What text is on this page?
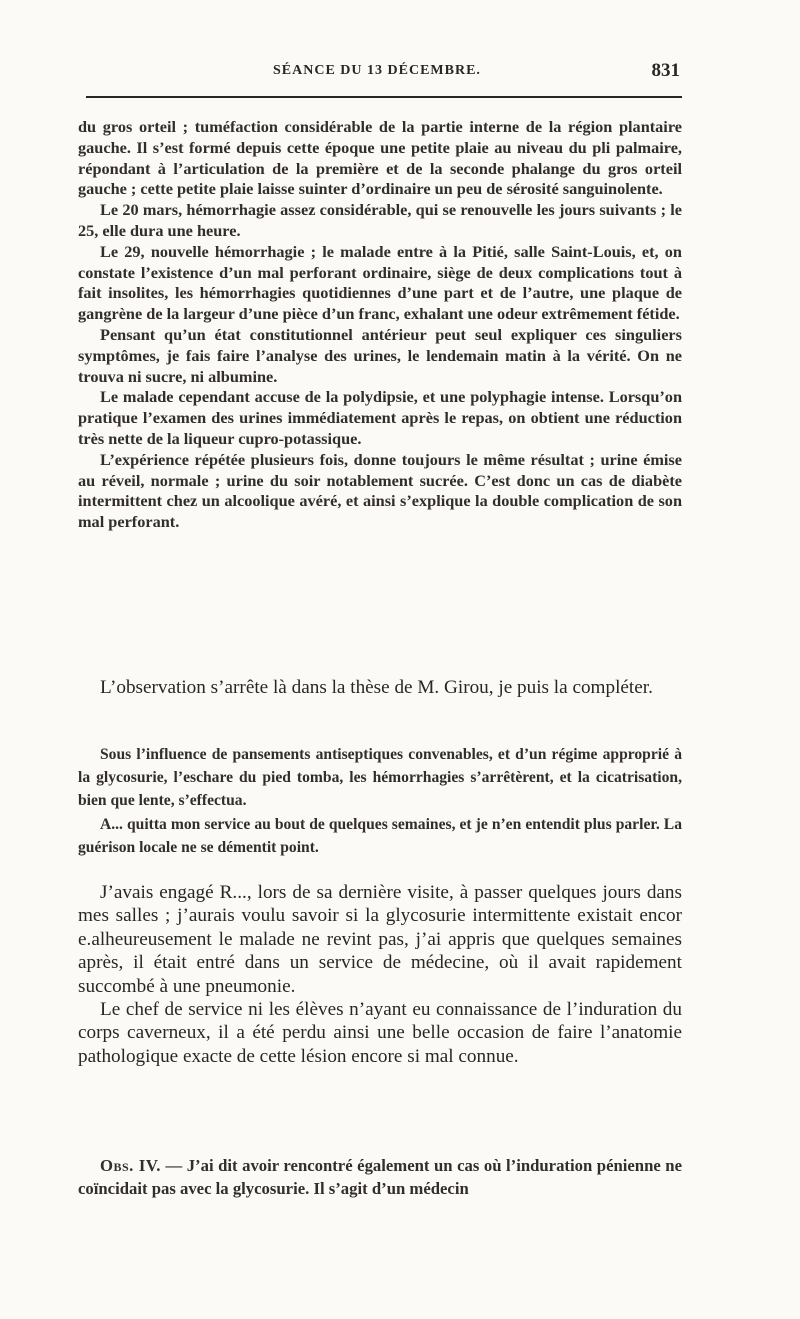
SÉANCE DU 13 DÉCEMBRE.	831

du gros orteil ; tuméfaction considérable de la partie interne de la région plantaire gauche. Il s’est formé depuis cette époque une petite plaie au niveau du pli palmaire, répondant à l’articulation de la première et de la seconde phalange du gros orteil gauche ; cette petite plaie laisse suinter d’ordinaire un peu de sérosité sanguinolente.

Le 20 mars, hémorrhagie assez considérable, qui se renouvelle les jours suivants ; le 25, elle dura une heure.

Le 29, nouvelle hémorrhagie ; le malade entre à la Pitié, salle Saint-Louis, et, on constate l’existence d’un mal perforant ordinaire, siège de deux complications tout à fait insolites, les hémorrhagies quotidiennes d’une part et de l’autre, une plaque de gangrène de la largeur d’une pièce d’un franc, exhalant une odeur extrêmement fétide.

Pensant qu’un état constitutionnel antérieur peut seul expliquer ces singuliers symptômes, je fais faire l’analyse des urines, le lendemain matin à la vérité. On ne trouva ni sucre, ni albumine.

Le malade cependant accuse de la polydipsie, et une polyphagie intense. Lorsqu’on pratique l’examen des urines immédiatement après le repas, on obtient une réduction très nette de la liqueur cupro-potassique.

L’expérience répétée plusieurs fois, donne toujours le même résultat ; urine émise au réveil, normale ; urine du soir notablement sucrée. C’est donc un cas de diabète intermittent chez un alcoolique avéré, et ainsi s’explique la double complication de son mal perforant.

L’observation s’arrête là dans la thèse de M. Girou, je puis la compléter.

Sous l’influence de pansements antiseptiques convenables, et d’un régime approprié à la glycosurie, l’eschare du pied tomba, les hémorrhagies s’arrêtèrent, et la cicatrisation, bien que lente, s’effectua.

A... quitta mon service au bout de quelques semaines, et je n’en entendit plus parler. La guérison locale ne se démentit point.

J’avais engagé R..., lors de sa dernière visite, à passer quelques jours dans mes salles ; j’aurais voulu savoir si la glycosurie intermittente existait encor e.alheureusement le malade ne revint pas, j’ai appris que quelques semaines après, il était entré dans un service de médecine, où il avait rapidement succombé à une pneumonie.

Le chef de service ni les élèves n’ayant eu connaissance de l’induration du corps caverneux, il a été perdu ainsi une belle occasion de faire l’anatomie pathologique exacte de cette lésion encore si mal connue.

Obs. IV. — J’ai dit avoir rencontré également un cas où l’induration pénienne ne coïncidait pas avec la glycosurie. Il s’agit d’un médecin
